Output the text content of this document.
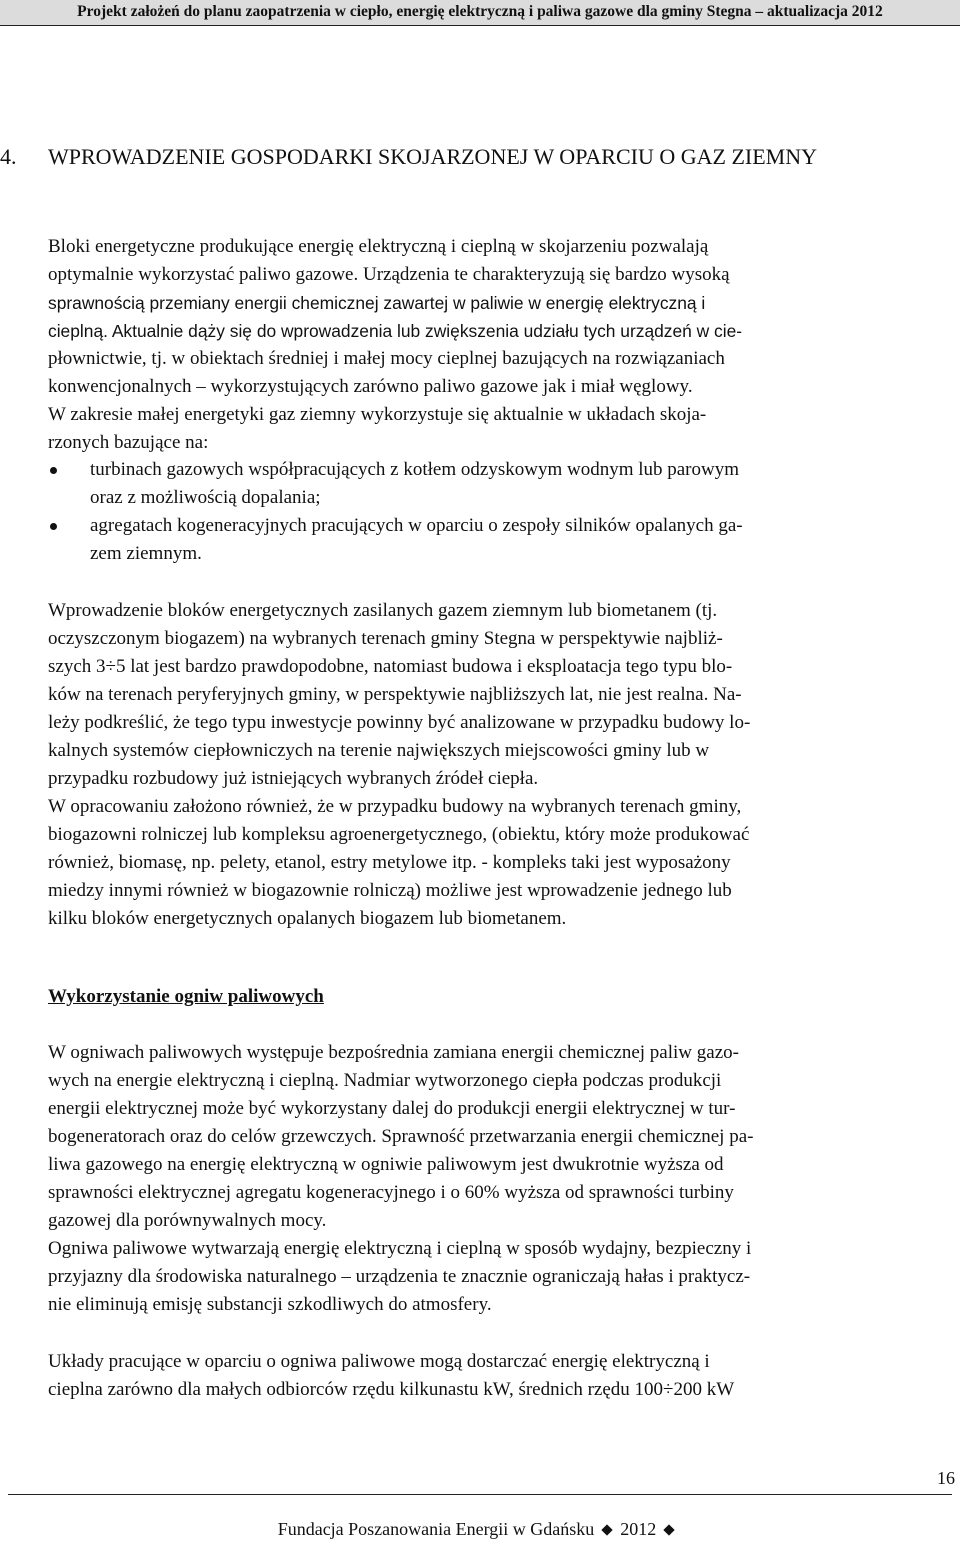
Projekt założeń do planu zaopatrzenia w ciepło, energię elektryczną i paliwa gazowe dla gminy Stegna – aktualizacja 2012
4. WPROWADZENIE GOSPODARKI SKOJARZONEJ W OPARCIU O GAZ ZIEMNY
Bloki energetyczne produkujące energię elektryczną i cieplną w skojarzeniu pozwalają
optymalnie wykorzystać paliwo gazowe. Urządzenia te charakteryzują się bardzo wysoką
sprawnością przemiany energii chemicznej zawartej w paliwie w energię elektryczną i
cieplną. Aktualnie dąży się do wprowadzenia lub zwiększenia udziału tych urządzeń w cie-
płownictwie, tj. w obiektach średniej i małej mocy cieplnej bazujących na rozwiązaniach
konwencjonalnych – wykorzystujących zarówno paliwo gazowe jak i miał węglowy.
W zakresie małej energetyki gaz ziemny wykorzystuje się aktualnie w układach skoja-
rzonych bazujące na:
turbinach gazowych współpracujących z kotłem odzyskowym wodnym lub parowym
oraz z możliwością dopalania;
agregatach kogeneracyjnych pracujących w oparciu o zespoły silników opalanych ga-
zem ziemnym.
Wprowadzenie bloków energetycznych zasilanych gazem ziemnym lub biometanem (tj.
oczyszczonym biogazem) na wybranych terenach gminy Stegna w perspektywie najbliż-
szych 3÷5 lat jest bardzo prawdopodobne, natomiast budowa i eksploatacja tego typu blo-
ków na terenach peryferyjnych gminy, w perspektywie najbliższych lat, nie jest realna. Na-
leży podkreślić, że tego typu inwestycje powinny być analizowane w przypadku budowy lo-
kalnych systemów ciepłowniczych na terenie największych miejscowości gminy lub w
przypadku rozbudowy już istniejących wybranych źródeł ciepła.
W opracowaniu założono również, że w przypadku budowy na wybranych terenach gminy,
biogazowni rolniczej lub kompleksu agroenergetycznego, (obiektu, który może produkować
również, biomasę, np. pelety, etanol, estry metylowe itp. - kompleks taki jest wyposażony
miedzy innymi również w biogazownie rolniczą) możliwe jest wprowadzenie jednego lub
kilku bloków energetycznych opalanych biogazem lub biometanem.
Wykorzystanie ogniw paliwowych
W ogniwach paliwowych występuje bezpośrednia zamiana energii chemicznej paliw gazo-
wych na energie elektryczną i cieplną. Nadmiar wytworzonego ciepła podczas produkcji
energii elektrycznej może być wykorzystany dalej do produkcji energii elektrycznej w tur-
bogeneratorach oraz do celów grzewczych. Sprawność przetwarzania energii chemicznej pa-
liwa gazowego na energię elektryczną w ogniwie paliwowym jest dwukrotnie wyższa od
sprawności elektrycznej agregatu kogeneracyjnego i o 60% wyższa od sprawności turbiny
gazowej dla porównywalnych mocy.
Ogniwa paliwowe wytwarzają energię elektryczną i cieplną w sposób wydajny, bezpieczny i
przyjazny dla środowiska naturalnego – urządzenia te znacznie ograniczają hałas i praktycz-
nie eliminują emisję substancji szkodliwych do atmosfery.
Układy pracujące w oparciu o ogniwa paliwowe mogą dostarczać energię elektryczną i
cieplna zarówno dla małych odbiorców rzędu kilkunastu kW, średnich rzędu 100÷200 kW
16
Fundacja Poszanowania Energii w Gdańsku 2012
